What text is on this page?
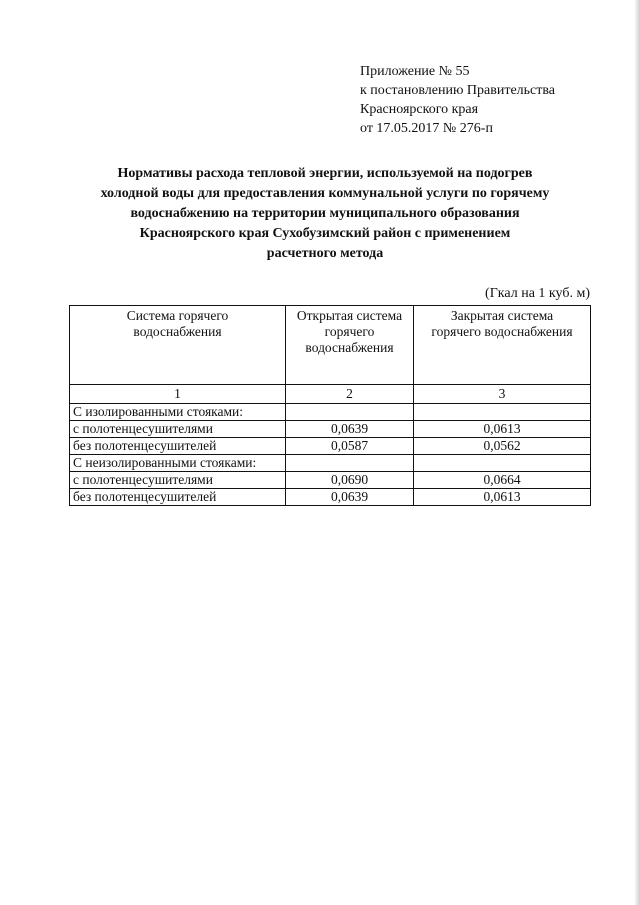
Приложение № 55
к постановлению Правительства
Красноярского края
от 17.05.2017 № 276-п
Нормативы расхода тепловой энергии, используемой на подогрев
холодной воды для предоставления коммунальной услуги по горячему
водоснабжению на территории муниципального образования
Красноярского края Сухобузимский район с применением
расчетного метода
(Гкал на 1 куб. м)
Система горячего
водоснабжения	Открытая система
горячего
водоснабжения	Закрытая система
горячего водоснабжения

1	2	3
С изолированными стояками:		
с полотенцесушителями	0,0639	0,0613
без полотенцесушителей	0,0587	0,0562
С неизолированными стояками:		
с полотенцесушителями	0,0690	0,0664
без полотенцесушителей	0,0639	0,0613
